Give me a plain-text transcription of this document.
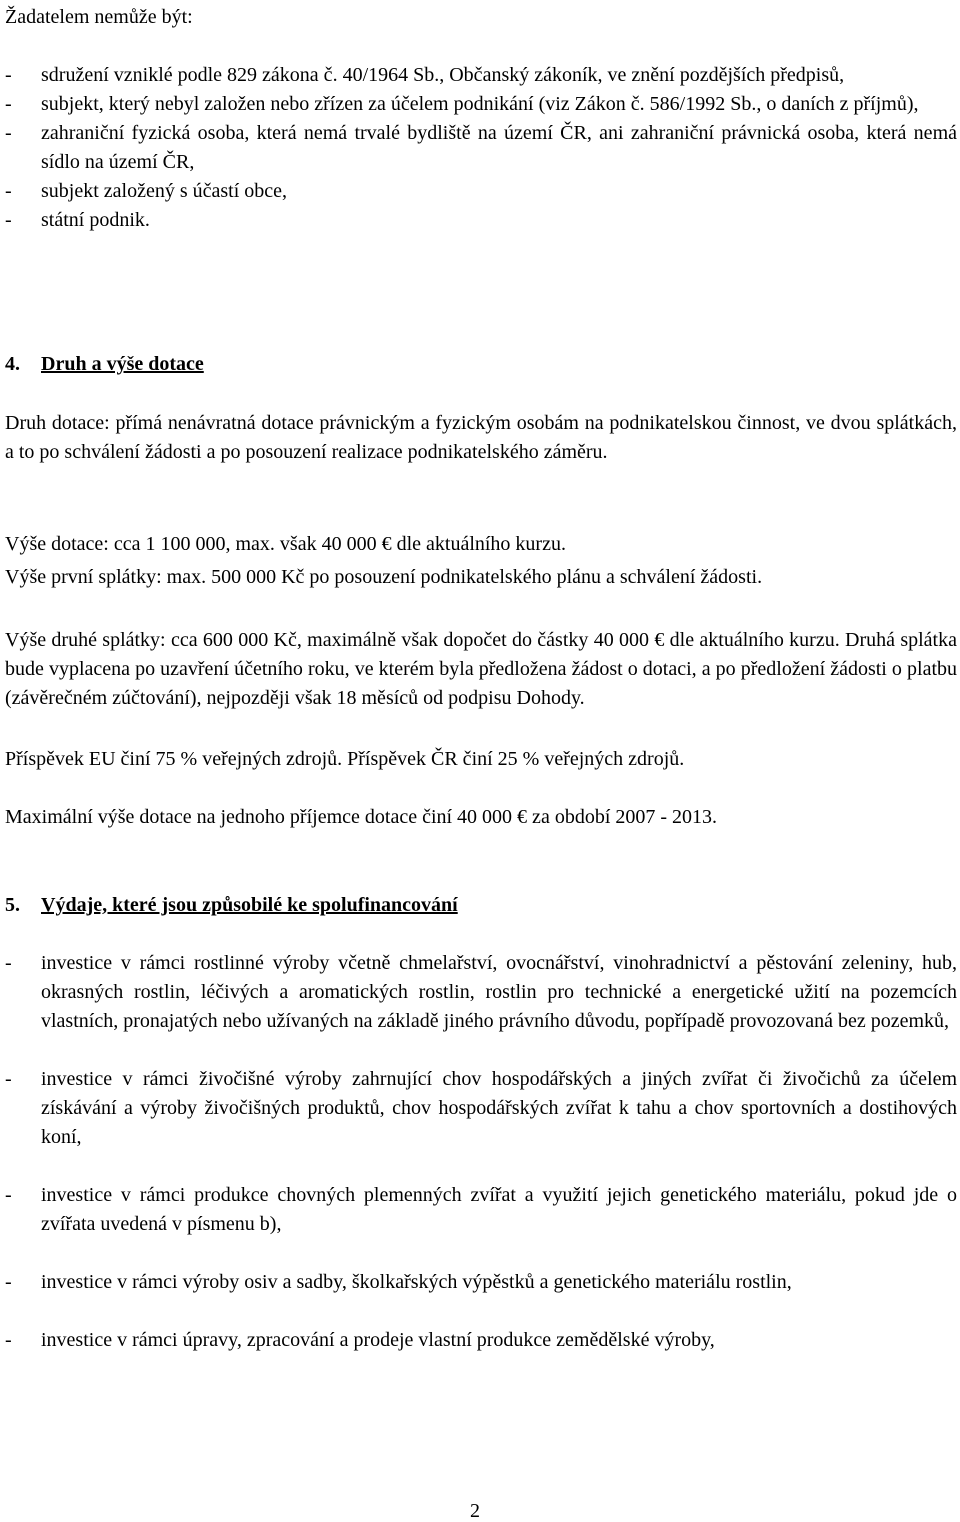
Žadatelem nemůže být:

- sdružení vzniklé podle 829 zákona č. 40/1964 Sb., Občanský zákoník, ve znění pozdějších předpisů,

- subjekt, který nebyl založen nebo zřízen za účelem podnikání (viz Zákon č. 586/1992 Sb., o daních z příjmů),

- zahraniční fyzická osoba, která nemá trvalé bydliště na území ČR, ani zahraniční právnická osoba, která nemá sídlo na území ČR,

- subjekt založený s účastí obce,

- státní podnik.

4. Druh a výše dotace

Druh dotace: přímá nenávratná dotace právnickým a fyzickým osobám na podnikatelskou činnost, ve dvou splátkách, a to po schválení žádosti a po posouzení realizace podnikatelského záměru.

Výše dotace: cca 1 100 000, max. však 40 000 € dle aktuálního kurzu.

Výše první splátky: max. 500 000 Kč po posouzení podnikatelského plánu a schválení žádosti.

Výše druhé splátky: cca 600 000 Kč, maximálně však dopočet do částky 40 000 € dle aktuálního kurzu. Druhá splátka bude vyplacena po uzavření účetního roku, ve kterém byla předložena žádost o dotaci, a po předložení žádosti o platbu (závěrečném zúčtování), nejpozději však 18 měsíců od podpisu Dohody.

Příspěvek EU činí 75 % veřejných zdrojů. Příspěvek ČR činí 25 % veřejných zdrojů.

Maximální výše dotace na jednoho příjemce dotace činí 40 000 € za období 2007 - 2013.

5. Výdaje, které jsou způsobilé ke spolufinancování

- investice v rámci rostlinné výroby včetně chmelařství, ovocnářství, vinohradnictví a pěstování zeleniny, hub, okrasných rostlin, léčivých a aromatických rostlin, rostlin pro technické a energetické užití na pozemcích vlastních, pronajatých nebo užívaných na základě jiného právního důvodu, popřípadě provozovaná bez pozemků,

- investice v rámci živočišné výroby zahrnující chov hospodářských a jiných zvířat či živočichů za účelem získávání a výroby živočišných produktů, chov hospodářských zvířat k tahu a chov sportovních a dostihových koní,

- investice v rámci produkce chovných plemenných zvířat a využití jejich genetického materiálu, pokud jde o zvířata uvedená v písmenu b),

- investice v rámci výroby osiv a sadby, školkařských výpěstků a genetického materiálu rostlin,

- investice v rámci úpravy, zpracování a prodeje vlastní produkce zemědělské výroby,

2
